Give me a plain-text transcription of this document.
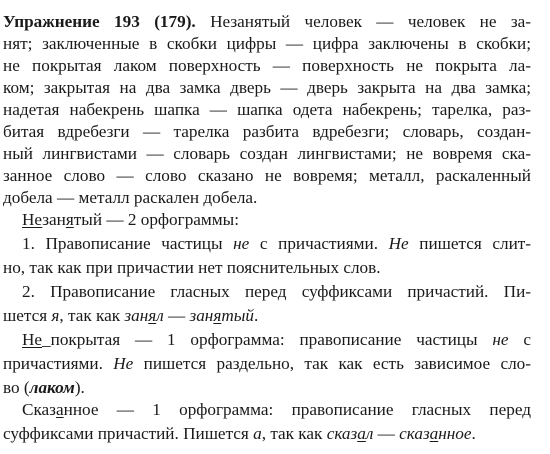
Упражнение 193 (179). Незанятый человек — человек не за-
нят; заключенные в скобки цифры — цифра заключены в скобки;
не покрытая лаком поверхность — поверхность не покрыта ла-
ком; закрытая на два замка дверь — дверь закрыта на два замка;
надетая набекрень шапка — шапка одета набекрень; тарелка, раз-
битая вдребезги — тарелка разбита вдребезги; словарь, создан-
ный лингвистами — словарь создан лингвистами; не вовремя ска-
занное слово — слово сказано не вовремя; металл, раскаленный
добела — металл раскален добела.
Незанятый — 2 орфограммы:
1. Правописание частицы не с причастиями. Не пишется слит-
но, так как при причастии нет пояснительных слов.
2. Правописание гласных перед суффиксами причастий. Пи-
шется я, так как занял — занятый.
Не_покрытая — 1 орфограмма: правописание частицы не с
причастиями. Не пишется раздельно, так как есть зависимое сло-
во (лаком).
Сказанное — 1 орфограмма: правописание гласных перед
суффиксами причастий. Пишется а, так как сказал — сказанное.
